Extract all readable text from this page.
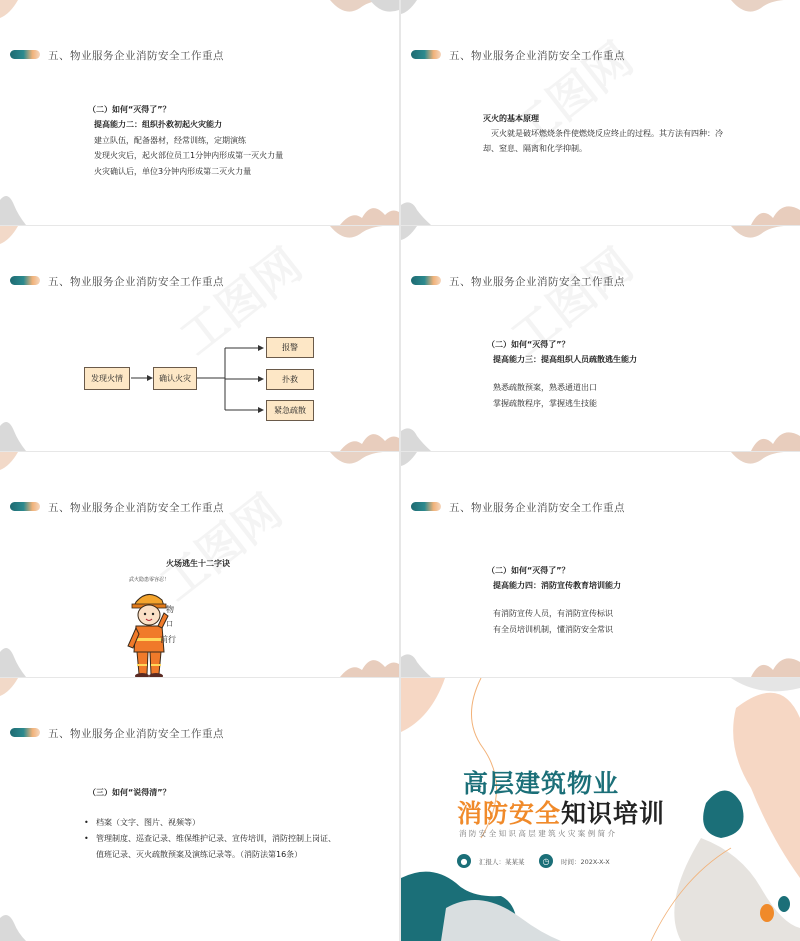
五、物业服务企业消防安全工作重点
（二）如何“灭得了”？
提高能力二：组织扑救初起火灾能力
建立队伍，配备器材，经常训练，定期演练
发现火灾后，起火部位员工1分钟内形成第一灭火力量
火灾确认后，单位3分钟内形成第二灭火力量
五、物业服务企业消防安全工作重点
灭火的基本原理
灭火就是破坏燃烧条件使燃烧反应终止的过程。其方法有四种：冷
却、窒息、隔离和化学抑制。
五、物业服务企业消防安全工作重点
发现火情	确认火灾
报警
扑救
紧急疏散
五、物业服务企业消防安全工作重点
（二）如何“灭得了”？
提高能力三：提高组织人员疏散逃生能力
熟悉疏散预案，熟悉通道出口
掌握疏散程序，掌握逃生技能
五、物业服务企业消防安全工作重点
火场逃生十二字诀
武火隐患零容忍！
物
口
前行
五、物业服务企业消防安全工作重点
（二）如何“灭得了”？
提高能力四：消防宣传教育培训能力
有消防宣传人员，有消防宣传标识
有全员培训机制，懂消防安全常识
五、物业服务企业消防安全工作重点
（三）如何“说得清”？
• 档案（文字、图片、视频等）
• 管理制度、巡查记录、维保维护记录、宣传培训，消防控制上岗证、
值班记录、灭火疏散预案及演练记录等。（消防法第16条）
高层建筑物业
消防安全知识培训
消防安全知识高层建筑火灾案例简介
●	汇报人：某某某	◷	时间：202X-X-X
